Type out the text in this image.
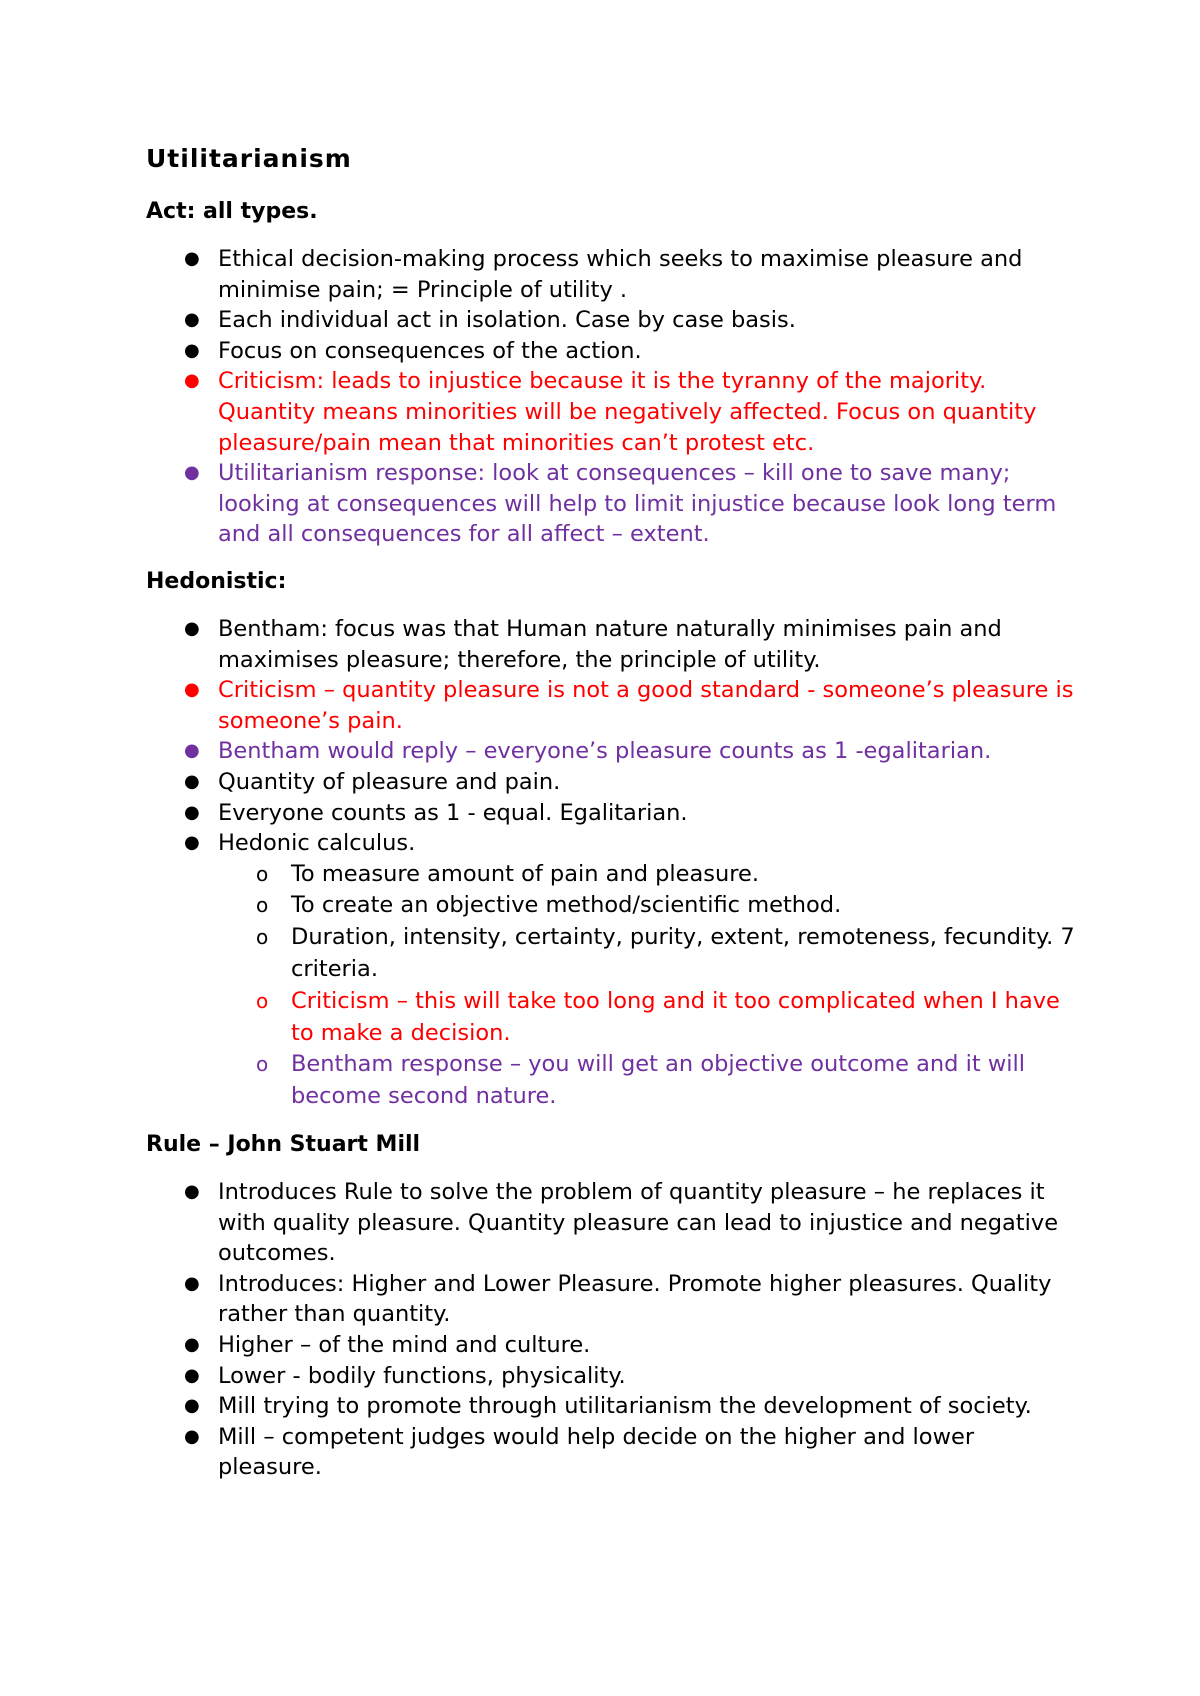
Utilitarianism
Act: all types.
● Ethical decision-making process which seeks to maximise pleasure and minimise pain; = Principle of utility .
● Each individual act in isolation. Case by case basis.
● Focus on consequences of the action.
● Criticism: leads to injustice because it is the tyranny of the majority. Quantity means minorities will be negatively affected. Focus on quantity pleasure/pain mean that minorities can’t protest etc.
● Utilitarianism response: look at consequences – kill one to save many; looking at consequences will help to limit injustice because look long term and all consequences for all affect – extent.
Hedonistic:
● Bentham: focus was that Human nature naturally minimises pain and maximises pleasure; therefore, the principle of utility.
● Criticism – quantity pleasure is not a good standard - someone’s pleasure is someone’s pain.
● Bentham would reply – everyone’s pleasure counts as 1 -egalitarian.
● Quantity of pleasure and pain.
● Everyone counts as 1 - equal. Egalitarian.
● Hedonic calculus.
o To measure amount of pain and pleasure.
o To create an objective method/scientific method.
o Duration, intensity, certainty, purity, extent, remoteness, fecundity. 7 criteria.
o Criticism – this will take too long and it too complicated when I have to make a decision.
o Bentham response – you will get an objective outcome and it will become second nature.
Rule – John Stuart Mill
● Introduces Rule to solve the problem of quantity pleasure – he replaces it with quality pleasure. Quantity pleasure can lead to injustice and negative outcomes.
● Introduces: Higher and Lower Pleasure. Promote higher pleasures. Quality rather than quantity.
● Higher – of the mind and culture.
● Lower - bodily functions, physicality.
● Mill trying to promote through utilitarianism the development of society.
● Mill – competent judges would help decide on the higher and lower pleasure.
